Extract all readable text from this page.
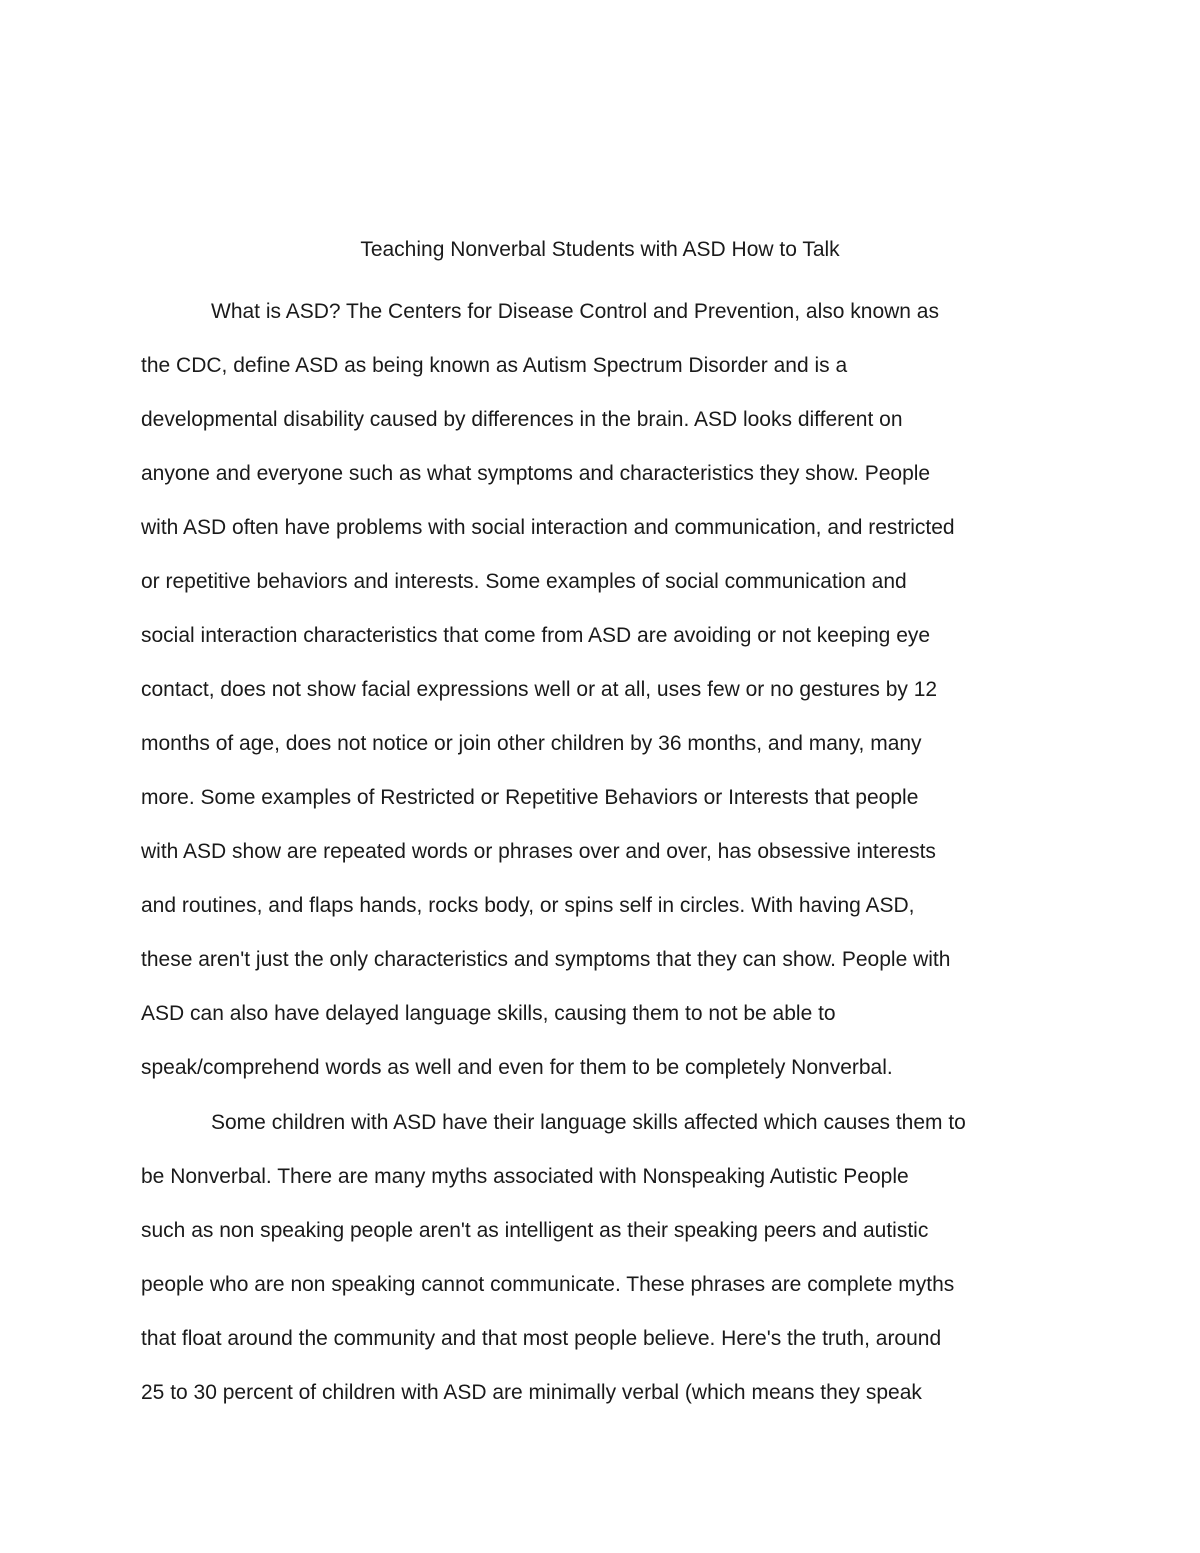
Teaching Nonverbal Students with ASD How to Talk
What is ASD? The Centers for Disease Control and Prevention, also known as
the CDC, define ASD as being known as Autism Spectrum Disorder and is a
developmental disability caused by differences in the brain. ASD looks different on
anyone and everyone such as what symptoms and characteristics they show. People
with ASD often have problems with social interaction and communication, and restricted
or repetitive behaviors and interests. Some examples of social communication and
social interaction characteristics that come from ASD are avoiding or not keeping eye
contact, does not show facial expressions well or at all, uses few or no gestures by 12
months of age, does not notice or join other children by 36 months, and many, many
more. Some examples of Restricted or Repetitive Behaviors or Interests that people
with ASD show are repeated words or phrases over and over, has obsessive interests
and routines, and flaps hands, rocks body, or spins self in circles. With having ASD,
these aren't just the only characteristics and symptoms that they can show. People with
ASD can also have delayed language skills, causing them to not be able to
speak/comprehend words as well and even for them to be completely Nonverbal.
Some children with ASD have their language skills affected which causes them to
be Nonverbal. There are many myths associated with Nonspeaking Autistic People
such as non speaking people aren't as intelligent as their speaking peers and autistic
people who are non speaking cannot communicate. These phrases are complete myths
that float around the community and that most people believe. Here's the truth, around
25 to 30 percent of children with ASD are minimally verbal (which means they speak
